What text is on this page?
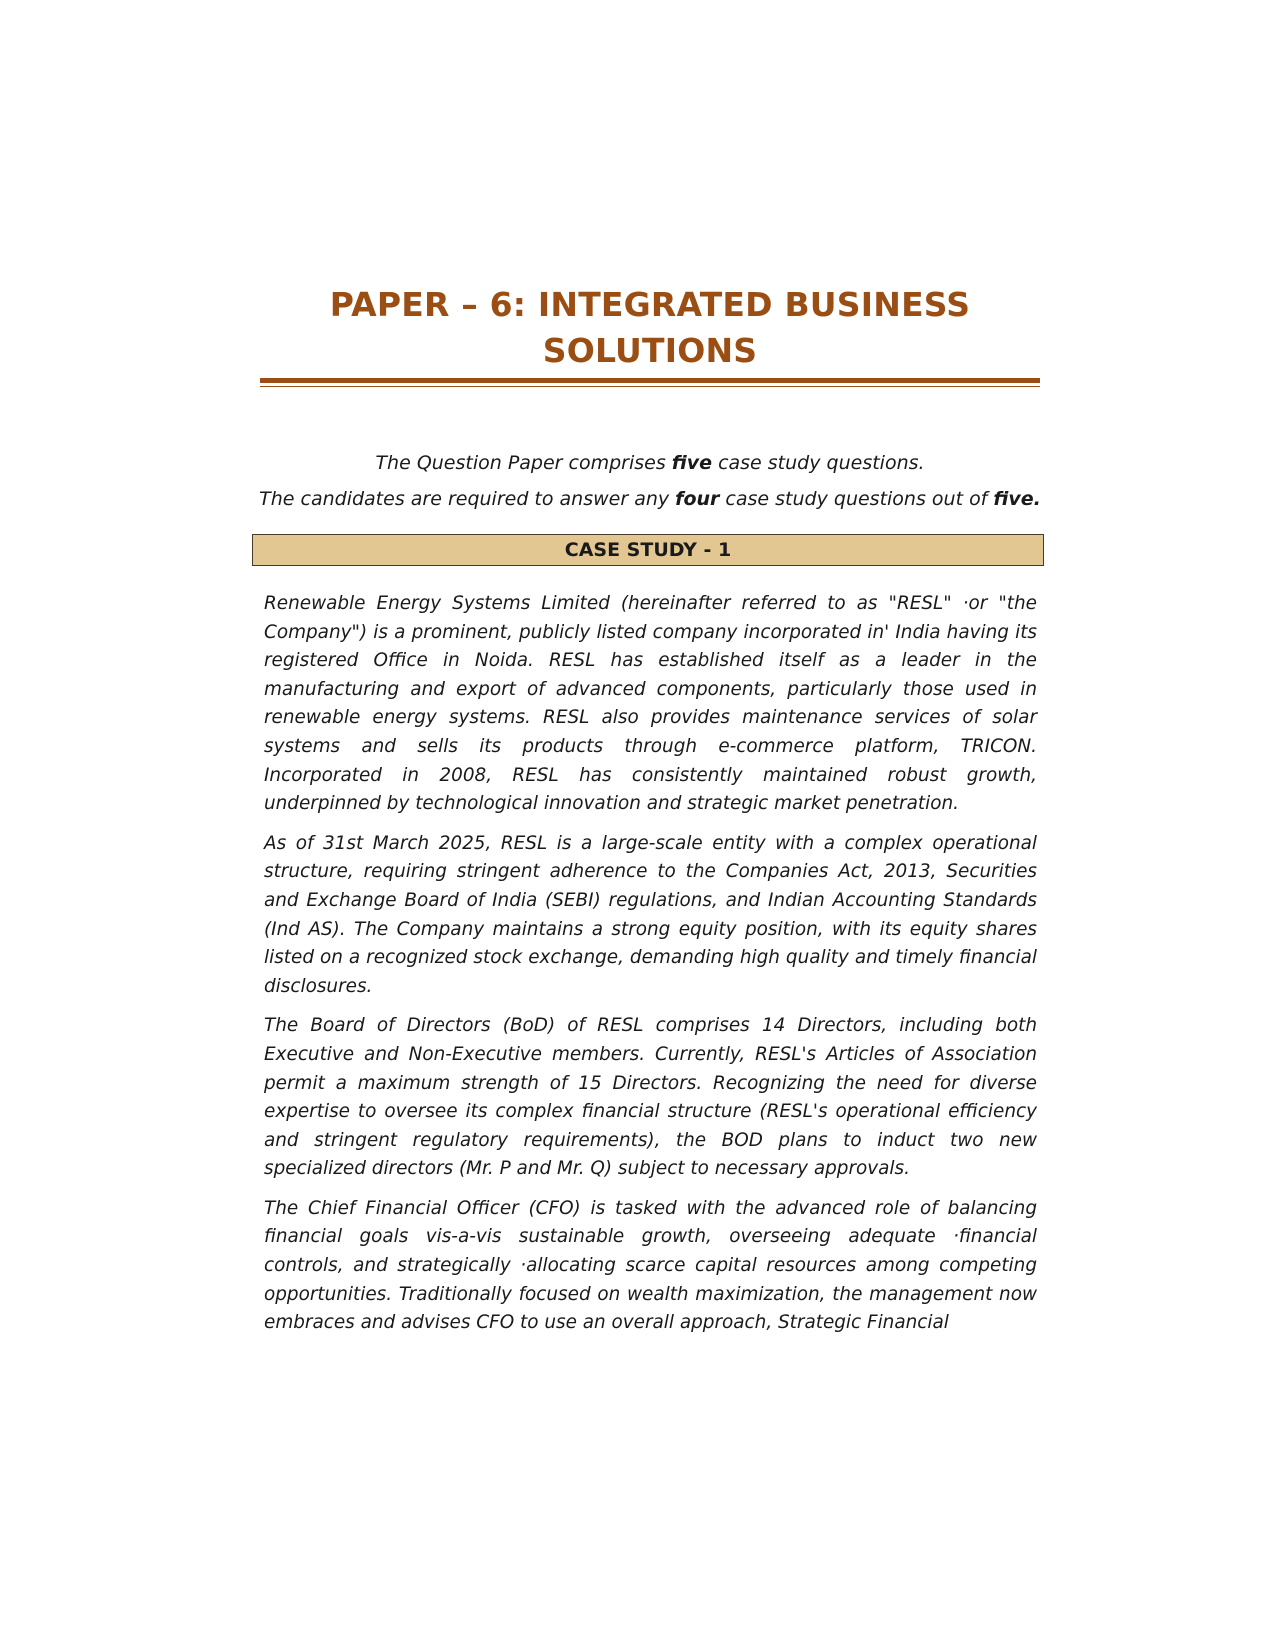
PAPER – 6: INTEGRATED BUSINESS
SOLUTIONS
The Question Paper comprises five case study questions.
The candidates are required to answer any four case study questions out of five.
CASE STUDY - 1

Renewable Energy Systems Limited (hereinafter referred to as "RESL" ·or "the Company") is a prominent, publicly listed company incorporated in' India having its registered Office in Noida. RESL has established itself as a leader in the manufacturing and export of advanced components, particularly those used in renewable energy systems. RESL also provides maintenance services of solar systems and sells its products through e-commerce platform, TRICON. Incorporated in 2008, RESL has consistently maintained robust growth, underpinned by technological innovation and strategic market penetration.

As of 31st March 2025, RESL is a large-scale entity with a complex operational structure, requiring stringent adherence to the Companies Act, 2013, Securities and Exchange Board of India (SEBI) regulations, and Indian Accounting Standards (Ind AS). The Company maintains a strong equity position, with its equity shares listed on a recognized stock exchange, demanding high quality and timely financial disclosures.

The Board of Directors (BoD) of RESL comprises 14 Directors, including both Executive and Non-Executive members. Currently, RESL's Articles of Association permit a maximum strength of 15 Directors. Recognizing the need for diverse expertise to oversee its complex financial structure (RESL's operational efficiency and stringent regulatory requirements), the BOD plans to induct two new specialized directors (Mr. P and Mr. Q) subject to necessary approvals.

The Chief Financial Officer (CFO) is tasked with the advanced role of balancing financial goals vis-a-vis sustainable growth, overseeing adequate ·financial controls, and strategically ·allocating scarce capital resources among competing opportunities. Traditionally focused on wealth maximization, the management now embraces and advises CFO to use an overall approach, Strategic Financial
